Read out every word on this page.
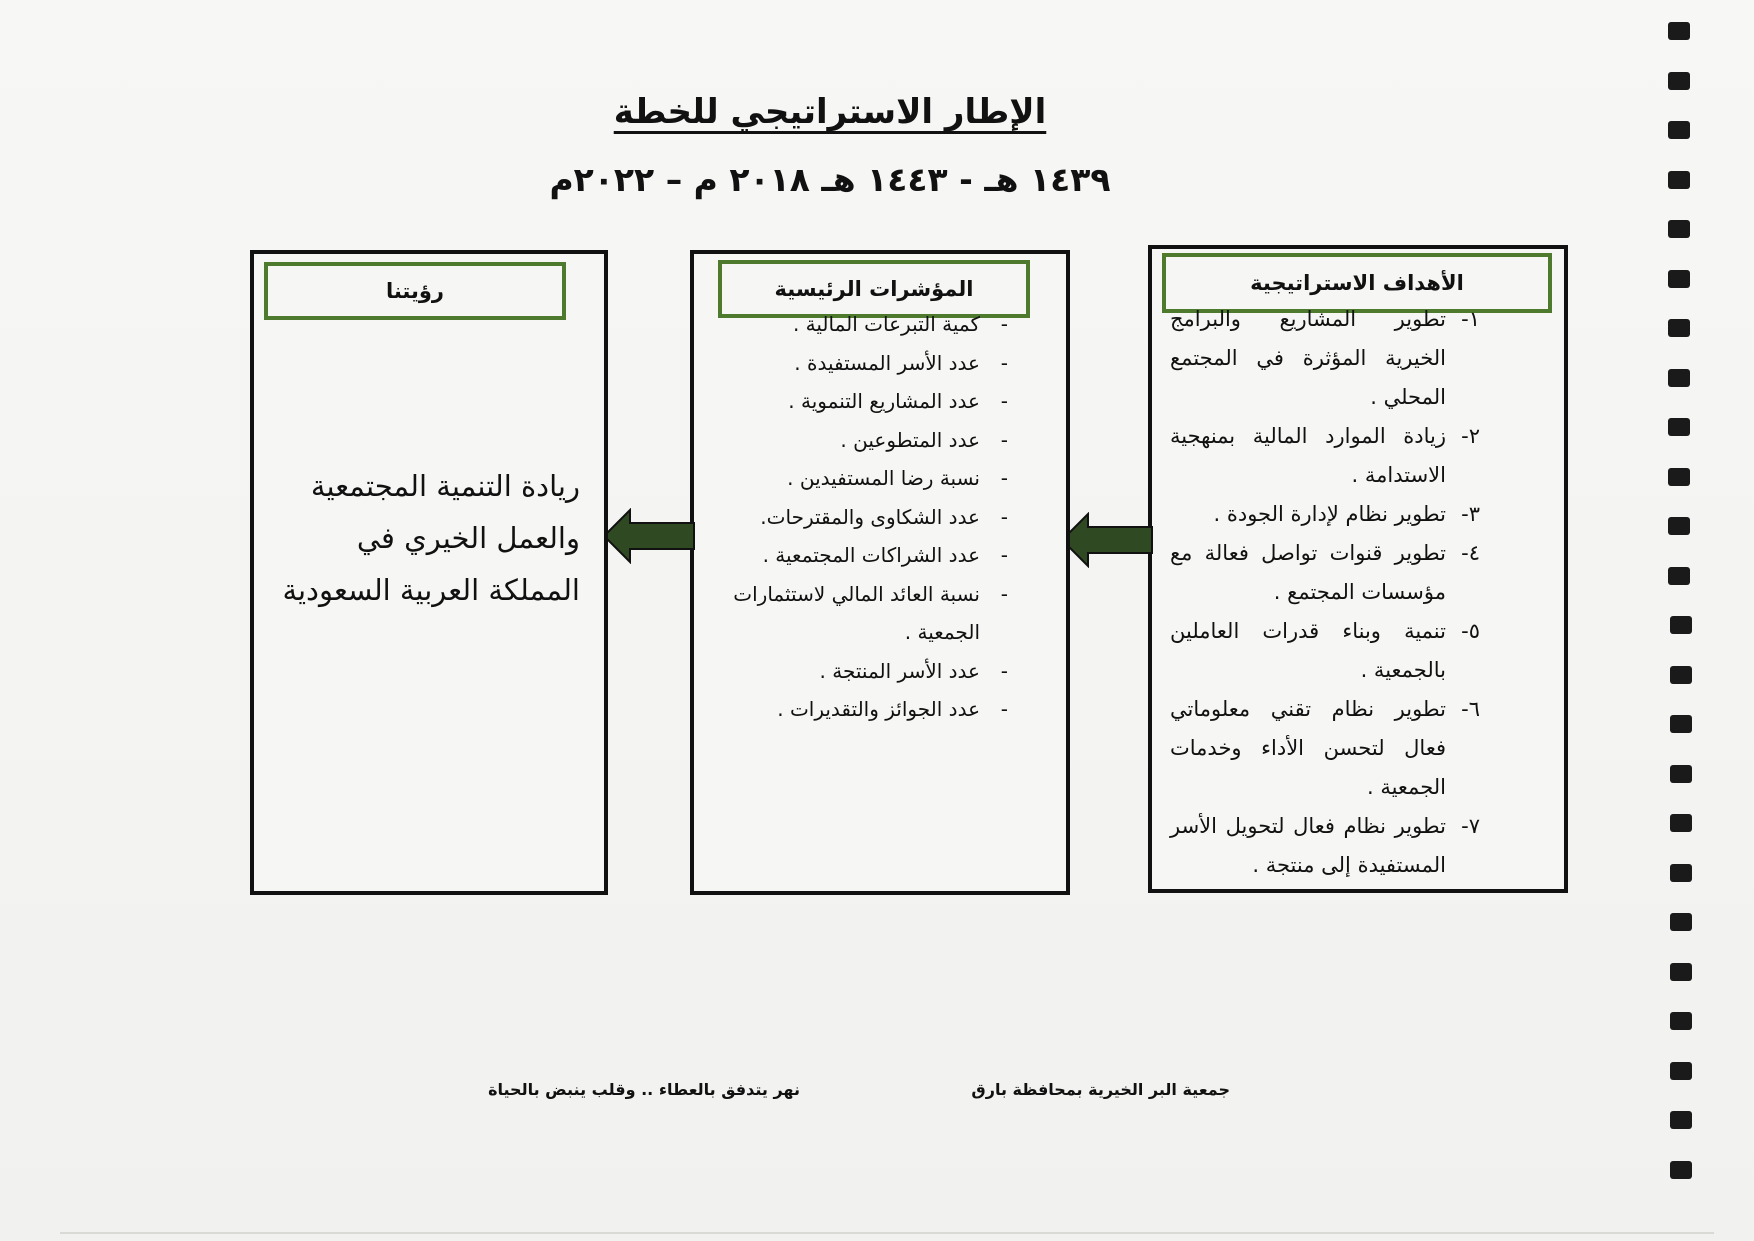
الإطار الاستراتيجي للخطة
١٤٣٩ هـ - ١٤٤٣ هـ ٢٠١٨ م – ٢٠٢٢م
الأهداف الاستراتيجية
١-
تطوير المشاريع والبرامج الخيرية المؤثرة في المجتمع المحلي .
٢-
زيادة الموارد المالية بمنهجية الاستدامة .
٣-
تطوير نظام لإدارة الجودة .
٤-
تطوير قنوات تواصل فعالة مع مؤسسات المجتمع .
٥-
تنمية وبناء قدرات العاملين بالجمعية .
٦-
تطوير نظام تقني معلوماتي فعال لتحسن الأداء وخدمات الجمعية .
٧-
تطوير نظام فعال لتحويل الأسر المستفيدة إلى منتجة .
المؤشرات الرئيسية
- كمية التبرعات المالية .
- عدد الأسر المستفيدة .
- عدد المشاريع التنموية .
- عدد المتطوعين .
- نسبة رضا المستفيدين .
- عدد الشكاوى والمقترحات.
- عدد الشراكات المجتمعية .
- نسبة العائد المالي لاستثمارات الجمعية .
- عدد الأسر المنتجة .
- عدد الجوائز والتقديرات .
رؤيتنا
ريادة التنمية المجتمعية والعمل الخيري في المملكة العربية السعودية
جمعية البر الخيرية بمحافظة بارق
نهر يتدفق بالعطاء .. وقلب ينبض بالحياة
